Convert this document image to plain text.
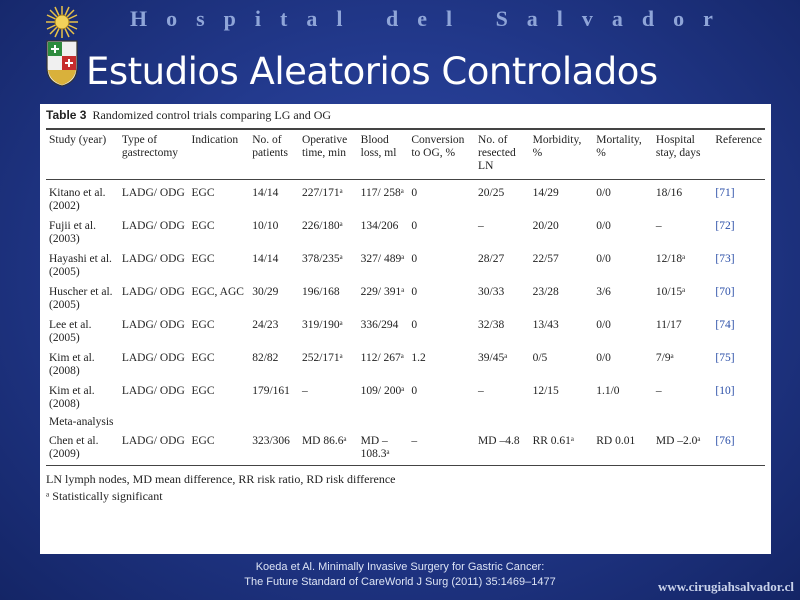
Hospital del Salvador
Estudios Aleatorios Controlados
Table 3 Randomized control trials comparing LG and OG
Study (year)	Type of gastrectomy	Indication	No. of patients	Operative time, min	Blood loss, ml	Conversion to OG, %	No. of resected LN	Morbidity, %	Mortality, %	Hospital stay, days	Reference
Kitano et al. (2002)	LADG/ ODG	EGC	14/14	227/171ᵃ	117/ 258ᵃ	0	20/25	14/29	0/0	18/16	[71]
Fujii et al. (2003)	LADG/ ODG	EGC	10/10	226/180ᵃ	134/206	0	–	20/20	0/0	–	[72]
Hayashi et al. (2005)	LADG/ ODG	EGC	14/14	378/235ᵃ	327/ 489ᵃ	0	28/27	22/57	0/0	12/18ᵃ	[73]
Huscher et al. (2005)	LADG/ ODG	EGC, AGC	30/29	196/168	229/ 391ᵃ	0	30/33	23/28	3/6	10/15ᵃ	[70]
Lee et al. (2005)	LADG/ ODG	EGC	24/23	319/190ᵃ	336/294	0	32/38	13/43	0/0	11/17	[74]
Kim et al. (2008)	LADG/ ODG	EGC	82/82	252/171ᵃ	112/ 267ᵃ	1.2	39/45ᵃ	0/5	0/0	7/9ᵃ	[75]
Kim et al. (2008)	LADG/ ODG	EGC	179/161	–	109/ 200ᵃ	0	–	12/15	1.1/0	–	[10]
Meta-analysis											
Chen et al. (2009)	LADG/ ODG	EGC	323/306	MD 86.6ᵃ	MD – 108.3ᵃ	–	MD –4.8	RR 0.61ᵃ	RD 0.01	MD –2.0ᵃ	[76]
LN lymph nodes, MD mean difference, RR risk ratio, RD risk difference
ᵃ Statistically significant
Koeda et Al. Minimally Invasive Surgery for Gastric Cancer:
The Future Standard of CareWorld J Surg (2011) 35:1469–1477	www.cirugiahsalvador.cl
